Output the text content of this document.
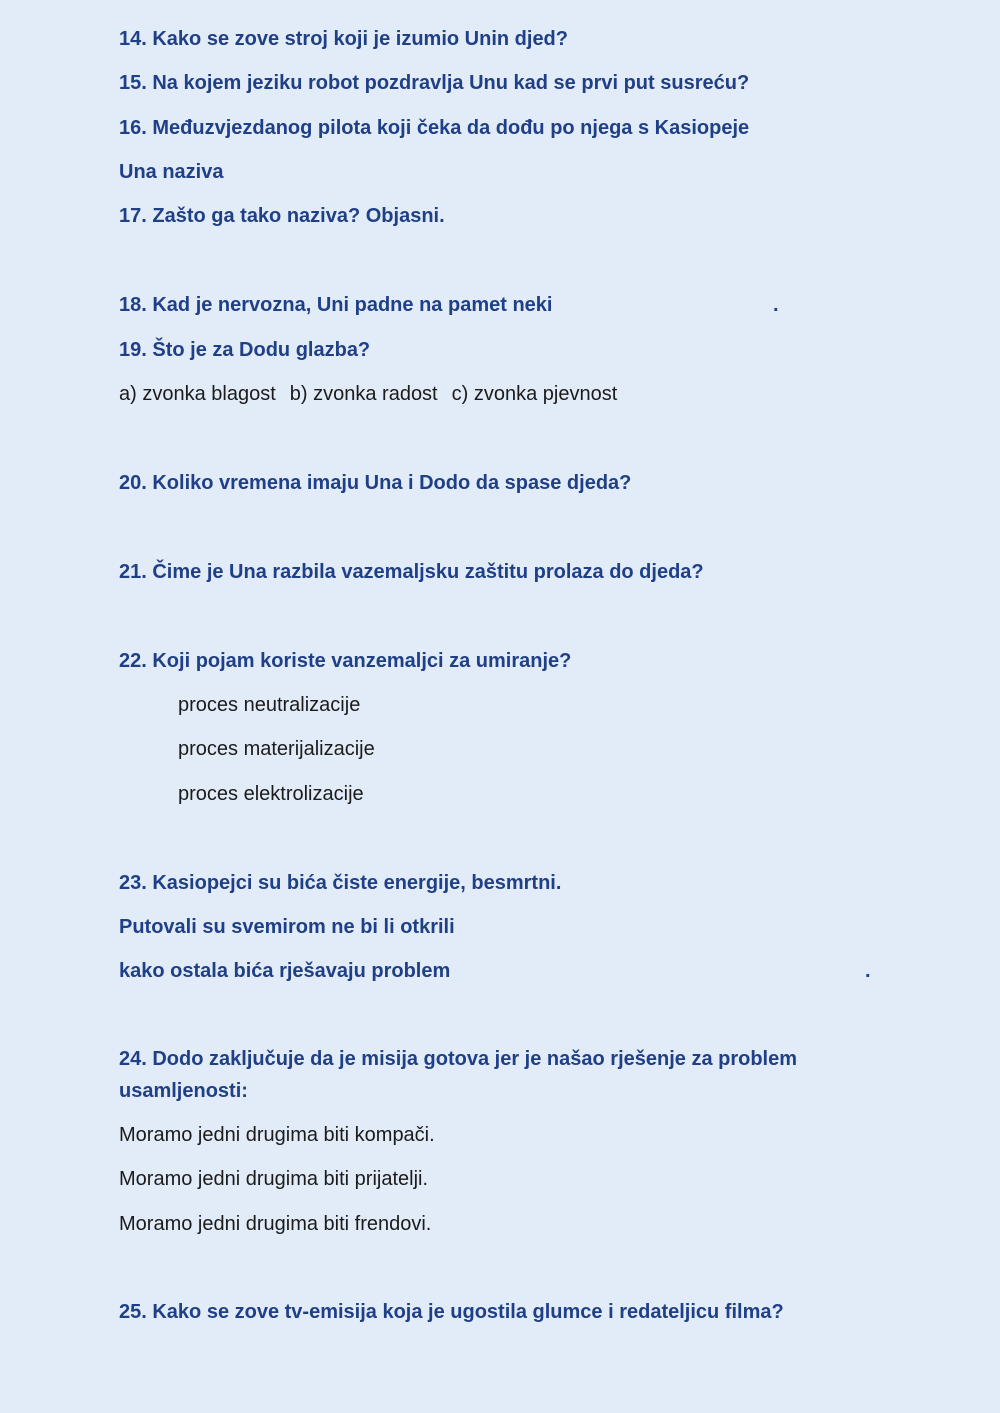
14. Kako se zove stroj koji je izumio Unin djed?
15. Na kojem jeziku robot pozdravlja Unu kad se prvi put susreću?
16. Međuzvjezdanog pilota koji čeka da dođu po njega s Kasiopeje
Una naziva
17. Zašto ga tako naziva? Objasni.
18. Kad je nervozna, Uni padne na pamet neki	.
19. Što je za Dodu glazba?
a) zvonka blagost b) zvonka radost c) zvonka pjevnost
20. Koliko vremena imaju Una i Dodo da spase djeda?
21. Čime je Una razbila vazemaljsku zaštitu prolaza do djeda?
22. Koji pojam koriste vanzemaljci za umiranje?
proces neutralizacije
proces materijalizacije
proces elektrolizacije
23. Kasiopejci su bića čiste energije, besmrtni.
Putovali su svemirom ne bi li otkrili
kako ostala bića rješavaju problem	.
24. Dodo zaključuje da je misija gotova jer je našao rješenje za problem
usamljenosti:
Moramo jedni drugima biti kompači.
Moramo jedni drugima biti prijatelji.
Moramo jedni drugima biti frendovi.
25. Kako se zove tv-emisija koja je ugostila glumce i redateljicu filma?
